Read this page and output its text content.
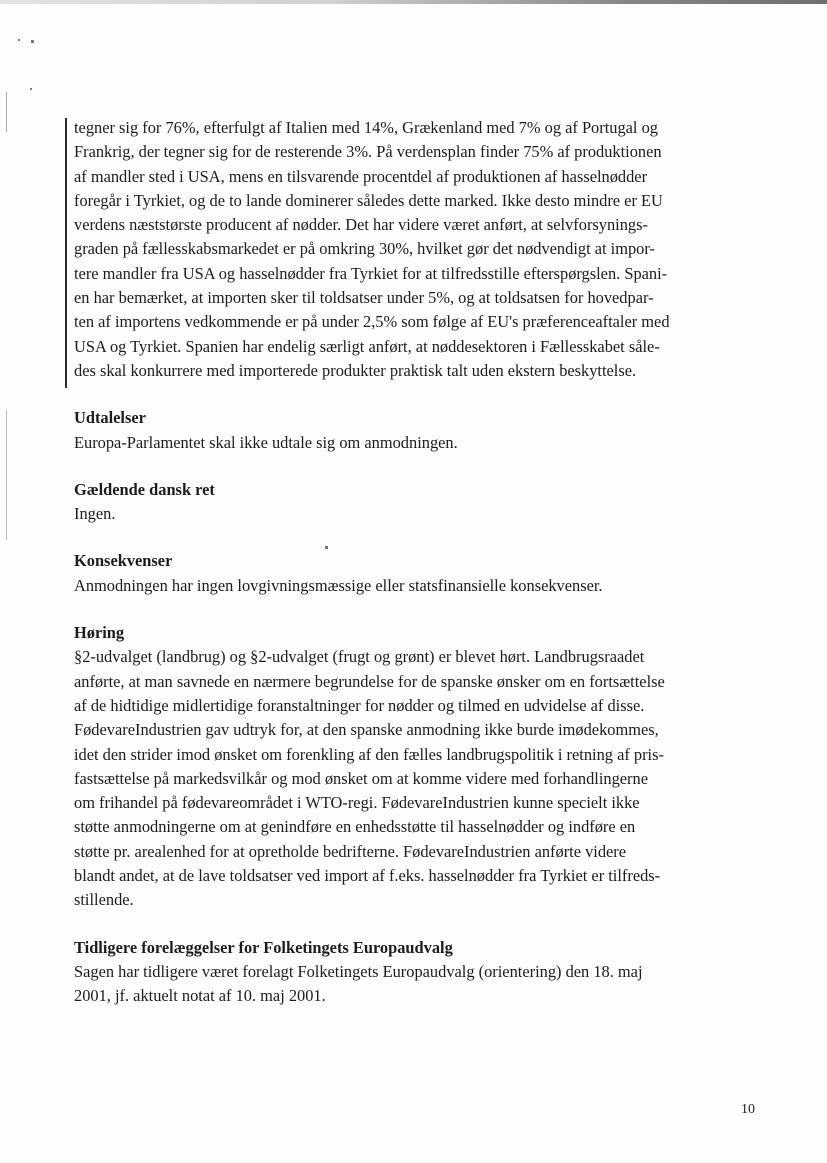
tegner sig for 76%, efterfulgt af Italien med 14%, Grækenland med 7% og af Portugal og
Frankrig, der tegner sig for de resterende 3%. På verdensplan finder 75% af produktionen
af mandler sted i USA, mens en tilsvarende procentdel af produktionen af hasselnødder
foregår i Tyrkiet, og de to lande dominerer således dette marked. Ikke desto mindre er EU
verdens næststørste producent af nødder. Det har videre været anført, at selvforsynings-
graden på fællesskabsmarkedet er på omkring 30%, hvilket gør det nødvendigt at impor-
tere mandler fra USA og hasselnødder fra Tyrkiet for at tilfredsstille efterspørgslen. Spani-
en har bemærket, at importen sker til toldsatser under 5%, og at toldsatsen for hovedpar-
ten af importens vedkommende er på under 2,5% som følge af EU's præferenceaftaler med
USA og Tyrkiet. Spanien har endelig særligt anført, at nøddesektoren i Fællesskabet såle-
des skal konkurrere med importerede produkter praktisk talt uden ekstern beskyttelse.

Udtalelser

Europa-Parlamentet skal ikke udtale sig om anmodningen.

Gældende dansk ret

Ingen.

Konsekvenser

Anmodningen har ingen lovgivningsmæssige eller statsfinansielle konsekvenser.

Høring

§2-udvalget (landbrug) og §2-udvalget (frugt og grønt) er blevet hørt. Landbrugsraadet
anførte, at man savnede en nærmere begrundelse for de spanske ønsker om en fortsættelse
af de hidtidige midlertidige foranstaltninger for nødder og tilmed en udvidelse af disse.
FødevareIndustrien gav udtryk for, at den spanske anmodning ikke burde imødekommes,
idet den strider imod ønsket om forenkling af den fælles landbrugspolitik i retning af pris-
fastsættelse på markedsvilkår og mod ønsket om at komme videre med forhandlingerne
om frihandel på fødevareområdet i WTO-regi. FødevareIndustrien kunne specielt ikke
støtte anmodningerne om at genindføre en enhedsstøtte til hasselnødder og indføre en
støtte pr. arealenhed for at opretholde bedrifterne. FødevareIndustrien anførte videre
blandt andet, at de lave toldsatser ved import af f.eks. hasselnødder fra Tyrkiet er tilfreds-
stillende.

Tidligere forelæggelser for Folketingets Europaudvalg

Sagen har tidligere været forelagt Folketingets Europaudvalg (orientering) den 18. maj
2001, jf. aktuelt notat af 10. maj 2001.

10
